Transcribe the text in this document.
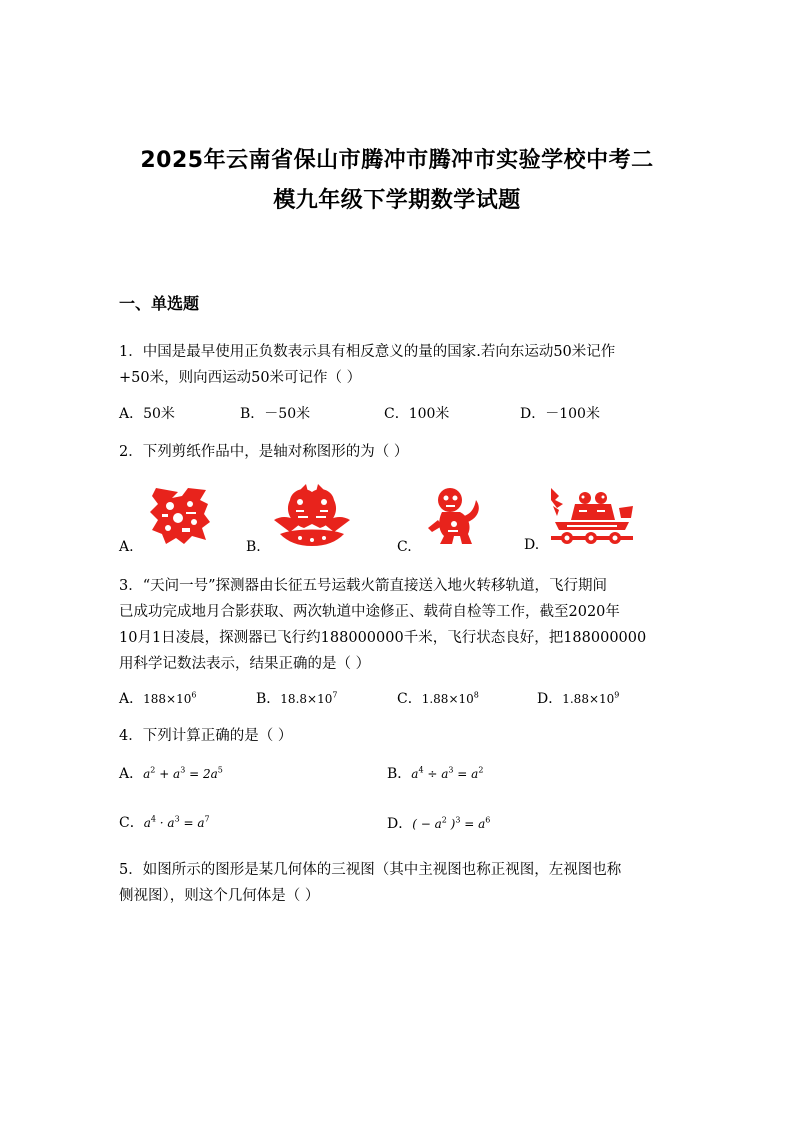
2025年云南省保山市腾冲市腾冲市实验学校中考二
模九年级下学期数学试题
一、单选题
1．中国是最早使用正负数表示具有相反意义的量的国家.若向东运动50米记作
+50米，则向西运动50米可记作（ ）
A．50米	B．－50米	C．100米	D．－100米
2．下列剪纸作品中，是轴对称图形的为（ ）
A.	B.	C.	D.
3．“天问一号”探测器由长征五号运载火箭直接送入地火转移轨道，飞行期间
已成功完成地月合影获取、两次轨道中途修正、载荷自检等工作，截至2020年
10月1日凌晨，探测器已飞行约188000000千米，飞行状态良好，把188000000
用科学记数法表示，结果正确的是（ ）
A．$188\times 10^6$	B．$18.8\times 10^7$	C．$1.88\times 10^8$	D．$1.88\times 10^9$
4．下列计算正确的是（ ）
A．$a^2 + a^3 = 2a^5$	B．$a^4 \div a^3 = a^2$
C．$a^4 \cdot a^3 = a^7$	D．( − $a^2$ )$^3 = a^6$
5．如图所示的图形是某几何体的三视图（其中主视图也称正视图，左视图也称
侧视图），则这个几何体是（ ）
